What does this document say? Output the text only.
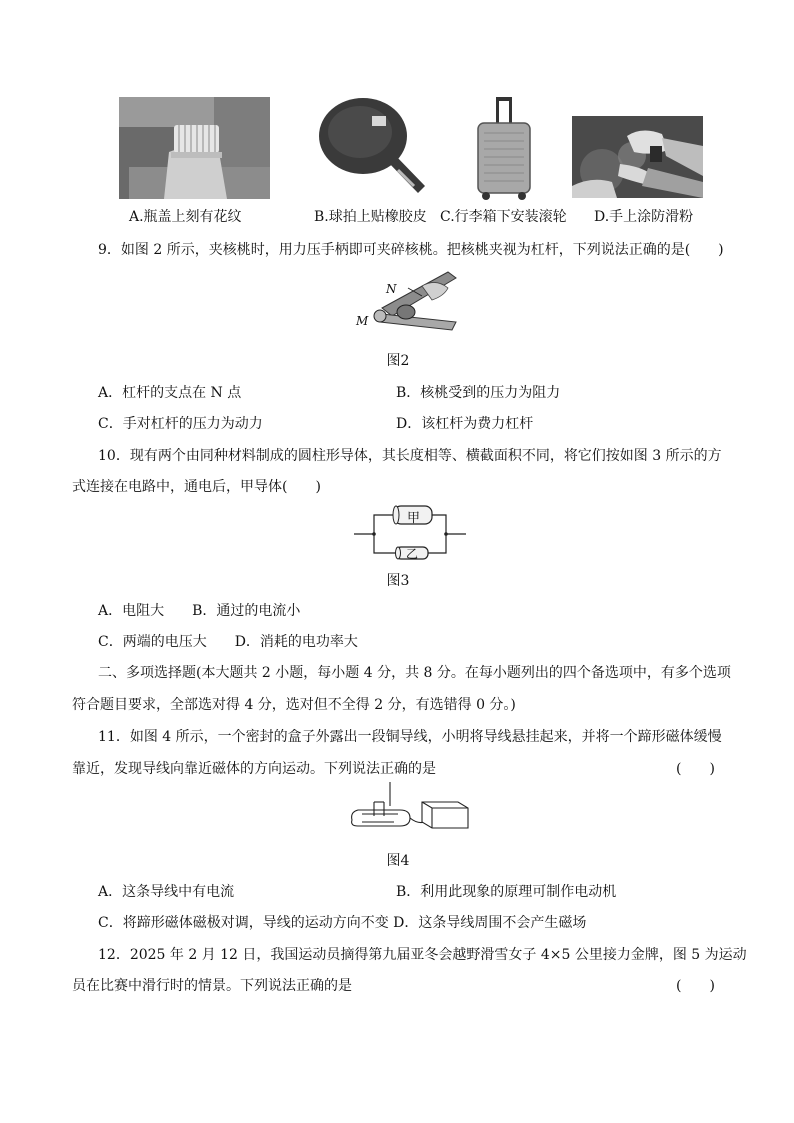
A.瓶盖上刻有花纹	B.球拍上贴橡胶皮 C.行李箱下安装滚轮 D.手上涂防滑粉
9．如图 2 所示，夹核桃时，用力压手柄即可夹碎核桃。把核桃夹视为杠杆，下列说法正确的是(　　)
N
M
图2
A．杠杆的支点在 N 点	B．核桃受到的压力为阻力
C．手对杠杆的压力为动力	D．该杠杆为费力杠杆
10．现有两个由同种材料制成的圆柱形导体，其长度相等、横截面积不同，将它们按如图 3 所示的方
式连接在电路中，通电后，甲导体(　　)
甲
乙
图3
A．电阻大　　B．通过的电流小
C．两端的电压大　　D．消耗的电功率大
二、多项选择题(本大题共 2 小题，每小题 4 分，共 8 分。在每小题列出的四个备选项中，有多个选项
符合题目要求，全部选对得 4 分，选对但不全得 2 分，有选错得 0 分。)
11．如图 4 所示，一个密封的盒子外露出一段铜导线，小明将导线悬挂起来，并将一个蹄形磁体缓慢
靠近，发现导线向靠近磁体的方向运动。下列说法正确的是	(　　)
图4
A．这条导线中有电流	B．利用此现象的原理可制作电动机
C．将蹄形磁体磁极对调，导线的运动方向不变 D．这条导线周围不会产生磁场
12．2025 年 2 月 12 日，我国运动员摘得第九届亚冬会越野滑雪女子 4×5 公里接力金牌，图 5 为运动
员在比赛中滑行时的情景。下列说法正确的是	(　　)
